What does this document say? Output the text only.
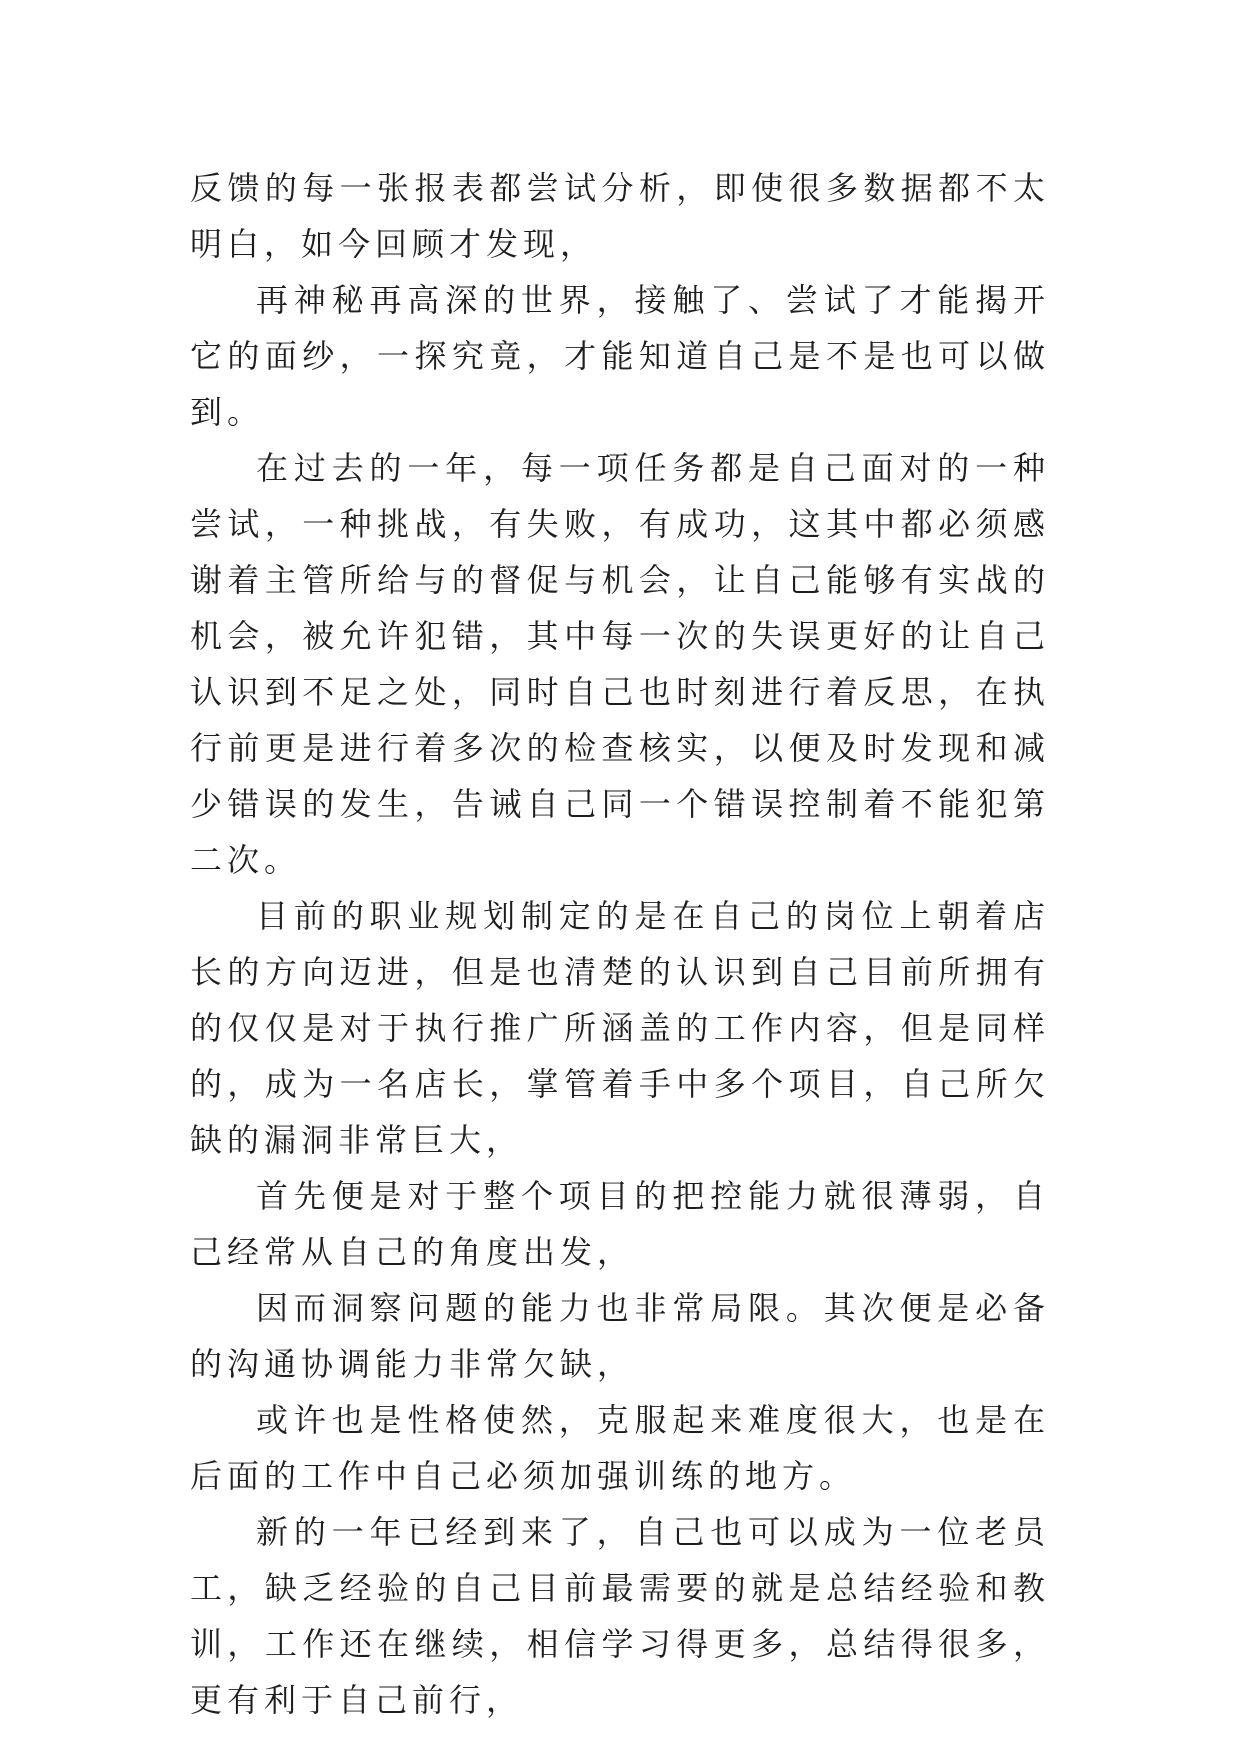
反馈的每一张报表都尝试分析，即使很多数据都不太明白，如今回顾才发现，

再神秘再高深的世界，接触了、尝试了才能揭开它的面纱，一探究竟，才能知道自己是不是也可以做到。

在过去的一年，每一项任务都是自己面对的一种尝试，一种挑战，有失败，有成功，这其中都必须感谢着主管所给与的督促与机会，让自己能够有实战的机会，被允许犯错，其中每一次的失误更好的让自己认识到不足之处，同时自己也时刻进行着反思，在执行前更是进行着多次的检查核实，以便及时发现和减少错误的发生，告诫自己同一个错误控制着不能犯第二次。

目前的职业规划制定的是在自己的岗位上朝着店长的方向迈进，但是也清楚的认识到自己目前所拥有的仅仅是对于执行推广所涵盖的工作内容，但是同样的，成为一名店长，掌管着手中多个项目，自己所欠缺的漏洞非常巨大，

首先便是对于整个项目的把控能力就很薄弱，自己经常从自己的角度出发，

因而洞察问题的能力也非常局限。其次便是必备的沟通协调能力非常欠缺，

或许也是性格使然，克服起来难度很大，也是在后面的工作中自己必须加强训练的地方。

新的一年已经到来了，自己也可以成为一位老员工，缺乏经验的自己目前最需要的就是总结经验和教训，工作还在继续，相信学习得更多，总结得很多，更有利于自己前行，
